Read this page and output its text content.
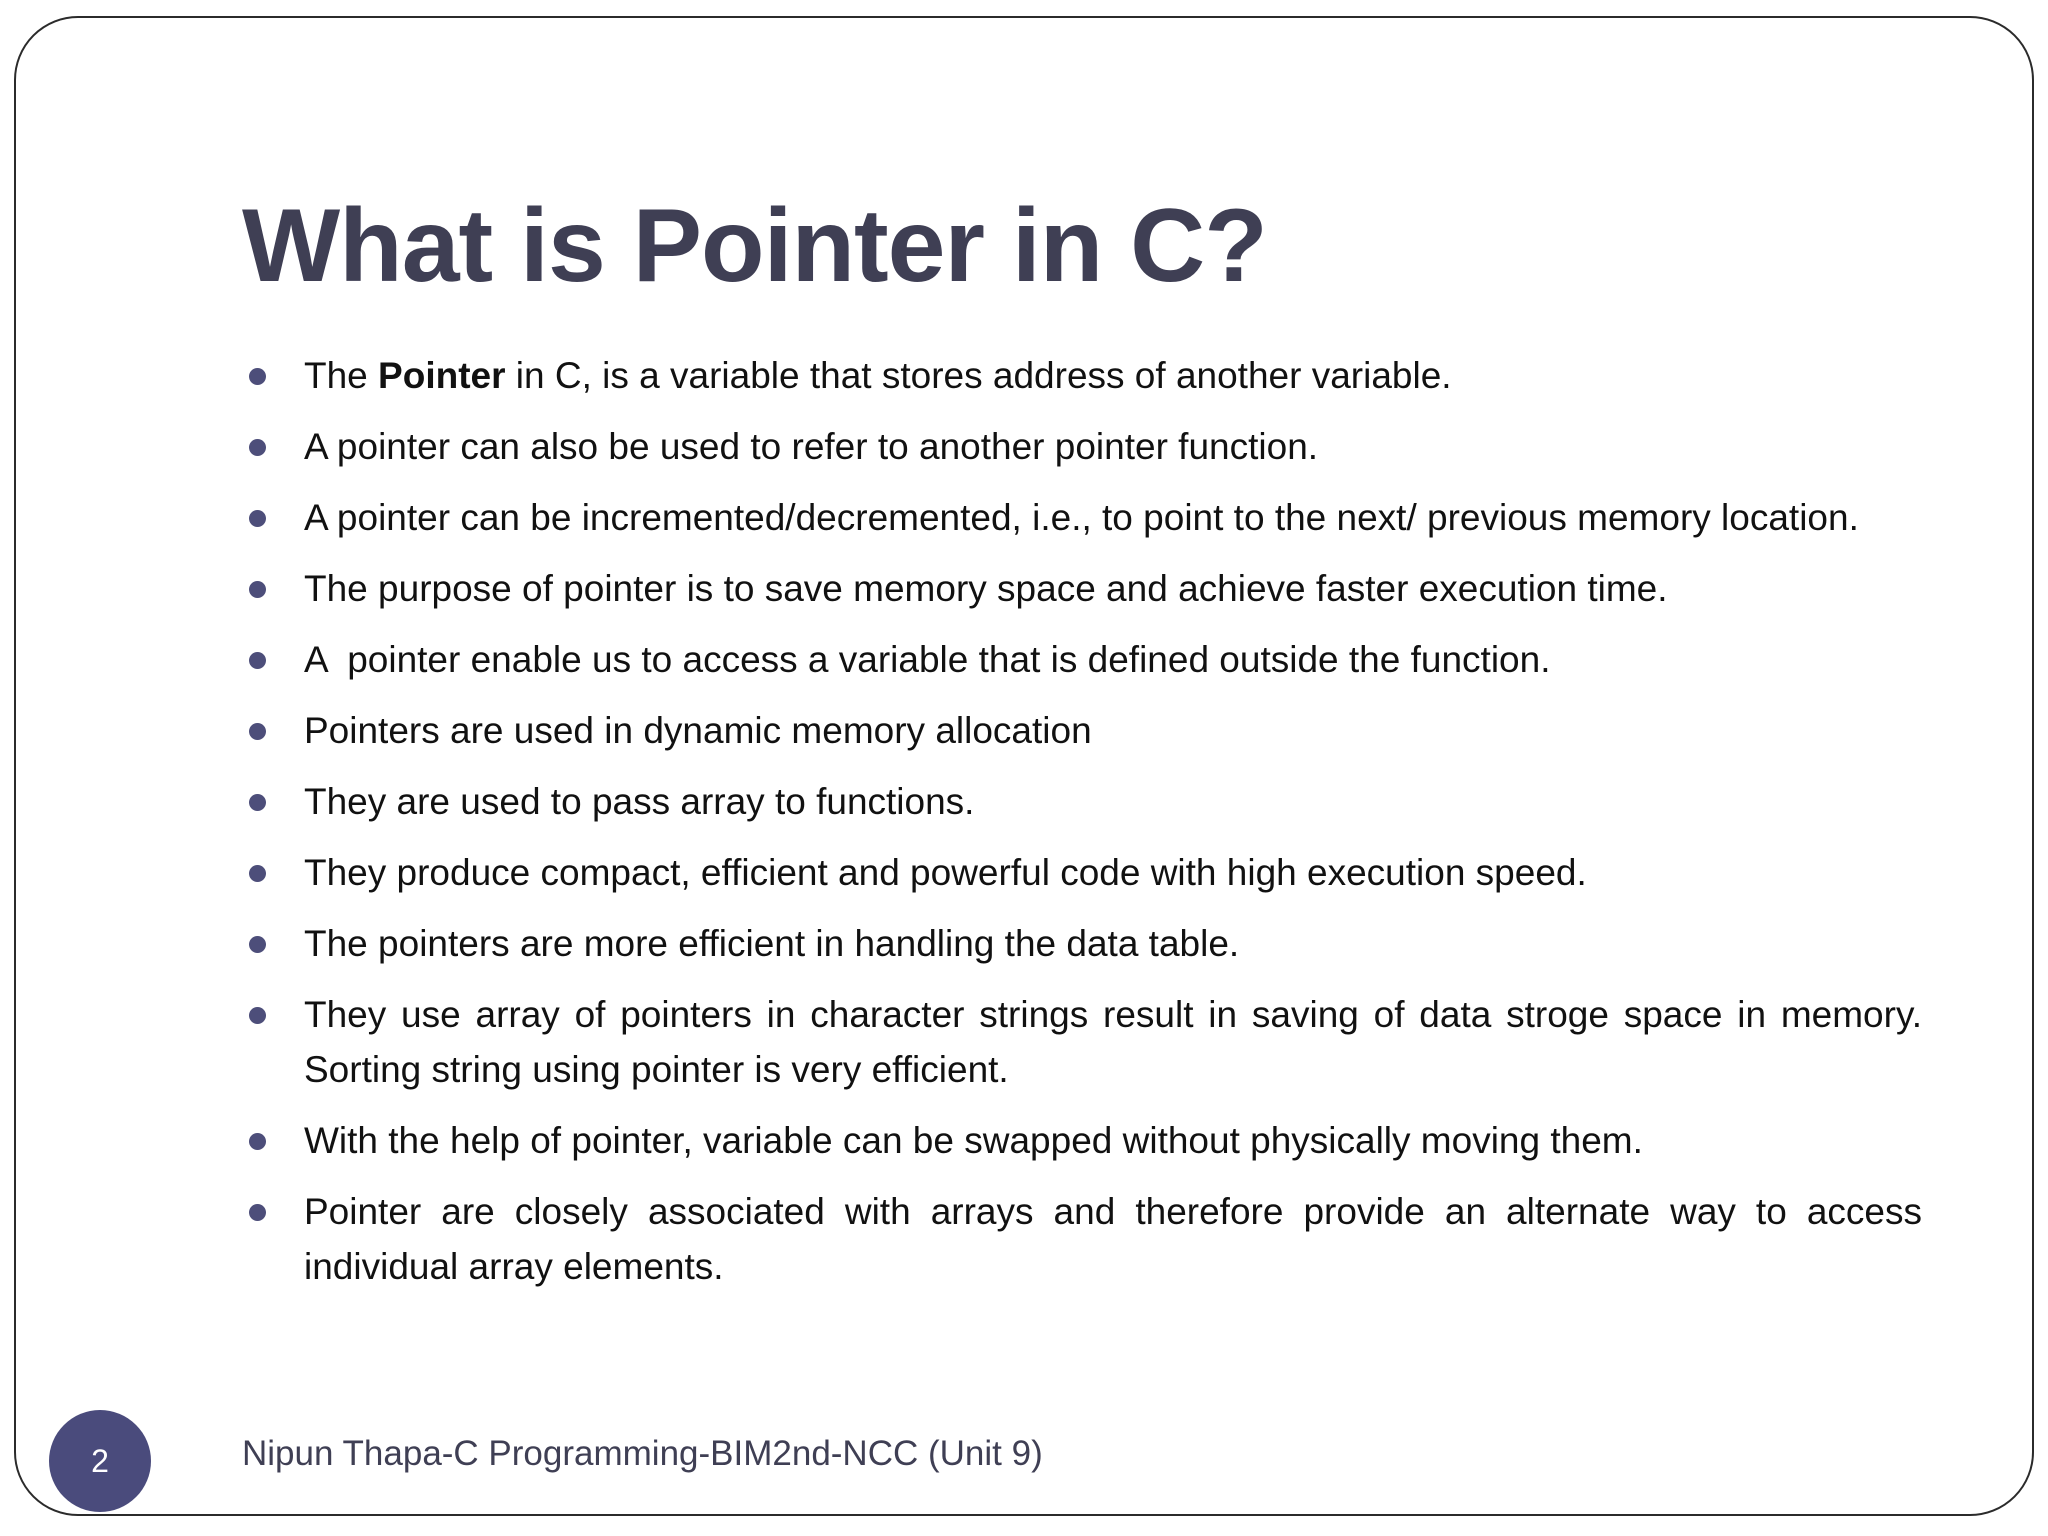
What is Pointer in C?
The Pointer in C, is a variable that stores address of another variable.
A pointer can also be used to refer to another pointer function.
A pointer can be incremented/decremented, i.e., to point to the next/ previous memory location.
The purpose of pointer is to save memory space and achieve faster execution time.
A  pointer enable us to access a variable that is defined outside the function.
Pointers are used in dynamic memory allocation
They are used to pass array to functions.
They produce compact, efficient and powerful code with high execution speed.
The pointers are more efficient in handling the data table.
They use array of pointers in character strings result in saving of data stroge space in memory. Sorting string using pointer is very efficient.
With the help of pointer, variable can be swapped without physically moving them.
Pointer are closely associated with arrays and therefore provide an alternate way to access individual array elements.
2	Nipun Thapa-C Programming-BIM2nd-NCC (Unit 9)
